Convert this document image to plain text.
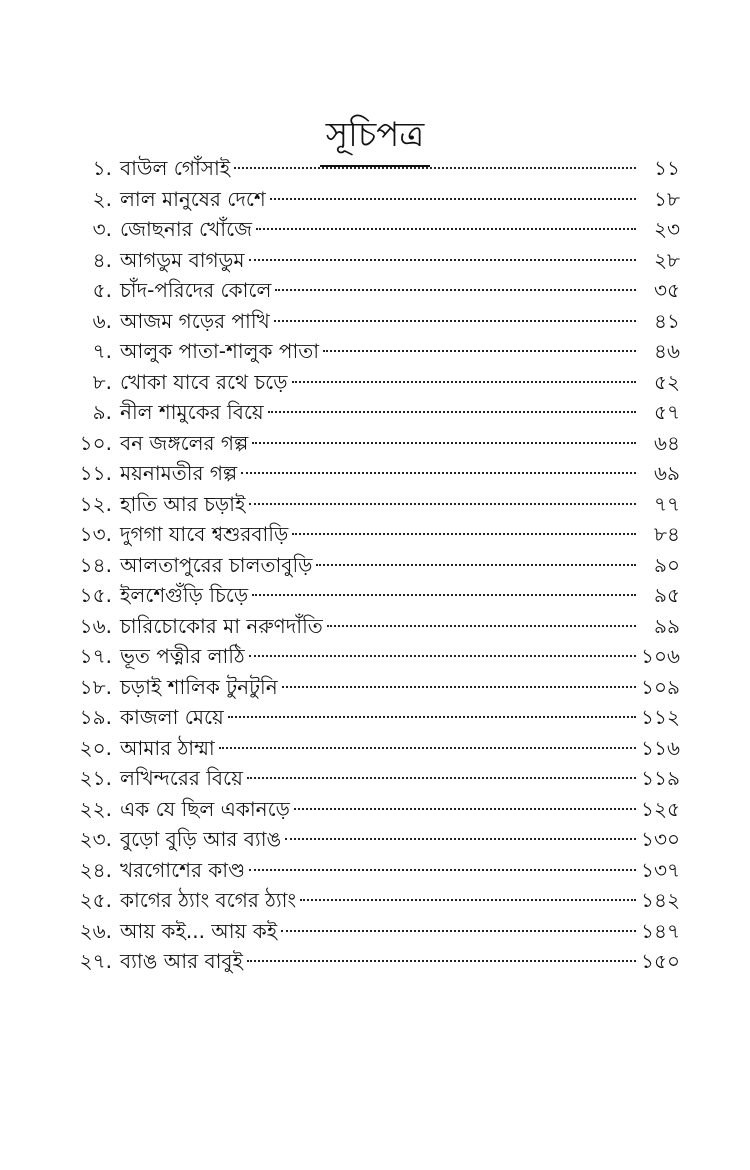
সূচিপত্র
১. বাউল গোঁসাই	১১
২. লাল মানুষের দেশে	১৮
৩. জোছনার খোঁজে	২৩
৪. আগডুম বাগডুম	২৮
৫. চাঁদ-পরিদের কোলে	৩৫
৬. আজম গড়ের পাখি	৪১
৭. আলুক পাতা-শালুক পাতা	৪৬
৮. খোকা যাবে রথে চড়ে	৫২
৯. নীল শামুকের বিয়ে	৫৭
১০. বন জঙ্গলের গল্প	৬৪
১১. ময়নামতীর গল্প	৬৯
১২. হাতি আর চড়াই	৭৭
১৩. দুগগা যাবে শ্বশুরবাড়ি	৮৪
১৪. আলতাপুরের চালতাবুড়ি	৯০
১৫. ইলশেগুঁড়ি চিড়ে	৯৫
১৬. চারিচোকোর মা নরুণদাঁতি	৯৯
১৭. ভূত পত্নীর লাঠি	১০৬
১৮. চড়াই শালিক টুনটুনি	১০৯
১৯. কাজলা মেয়ে	১১২
২০. আমার ঠাম্মা	১১৬
২১. লখিন্দরের বিয়ে	১১৯
২২. এক যে ছিল একানড়ে	১২৫
২৩. বুড়ো বুড়ি আর ব্যাঙ	১৩০
২৪. খরগোশের কাণ্ড	১৩৭
২৫. কাগের ঠ্যাং বগের ঠ্যাং	১৪২
২৬. আয় কই... আয় কই	১৪৭
২৭. ব্যাঙ আর বাবুই	১৫০
